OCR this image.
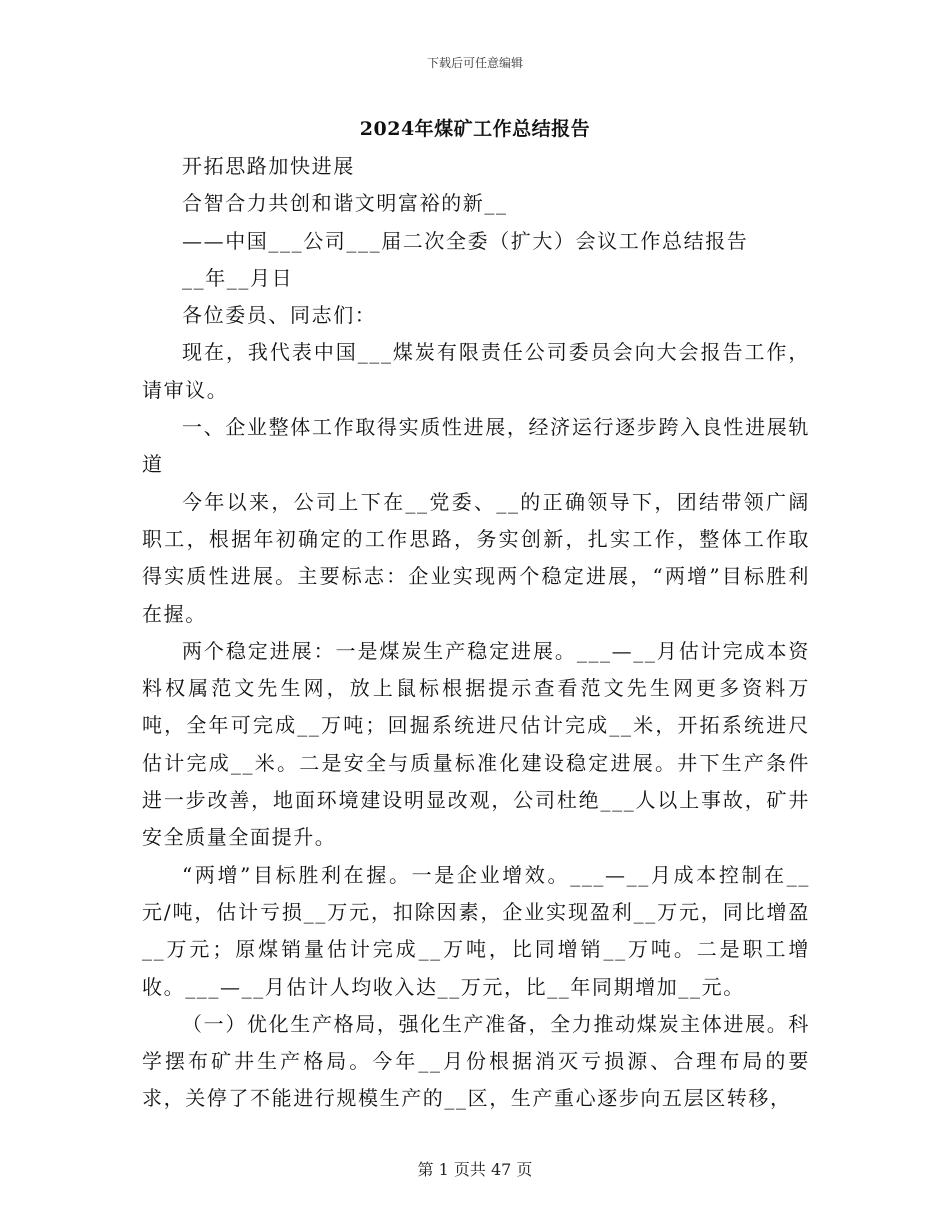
下载后可任意编辑
2024年煤矿工作总结报告

开拓思路加快进展

合智合力共创和谐文明富裕的新__

——中国___公司___届二次全委（扩大）会议工作总结报告

__年__月日

各位委员、同志们：

现在，我代表中国___煤炭有限责任公司委员会向大会报告工作，请审议。

一、企业整体工作取得实质性进展，经济运行逐步跨入良性进展轨道

今年以来，公司上下在__党委、__的正确领导下，团结带领广阔职工，根据年初确定的工作思路，务实创新，扎实工作，整体工作取得实质性进展。主要标志：企业实现两个稳定进展，“两增”目标胜利在握。

两个稳定进展：一是煤炭生产稳定进展。___—__月估计完成本资料权属范文先生网，放上鼠标根据提示查看范文先生网更多资料万吨，全年可完成__万吨；回掘系统进尺估计完成__米，开拓系统进尺估计完成__米。二是安全与质量标准化建设稳定进展。井下生产条件进一步改善，地面环境建设明显改观，公司杜绝___人以上事故，矿井安全质量全面提升。

“两增”目标胜利在握。一是企业增效。___—__月成本控制在__元/吨，估计亏损__万元，扣除因素，企业实现盈利__万元，同比增盈__万元；原煤销量估计完成__万吨，比同增销__万吨。二是职工增收。___—__月估计人均收入达__万元，比__年同期增加__元。

（一）优化生产格局，强化生产准备，全力推动煤炭主体进展。科学摆布矿井生产格局。今年__月份根据消灭亏损源、合理布局的要求，关停了不能进行规模生产的__区，生产重心逐步向五层区转移，

第 1 页共 47 页
